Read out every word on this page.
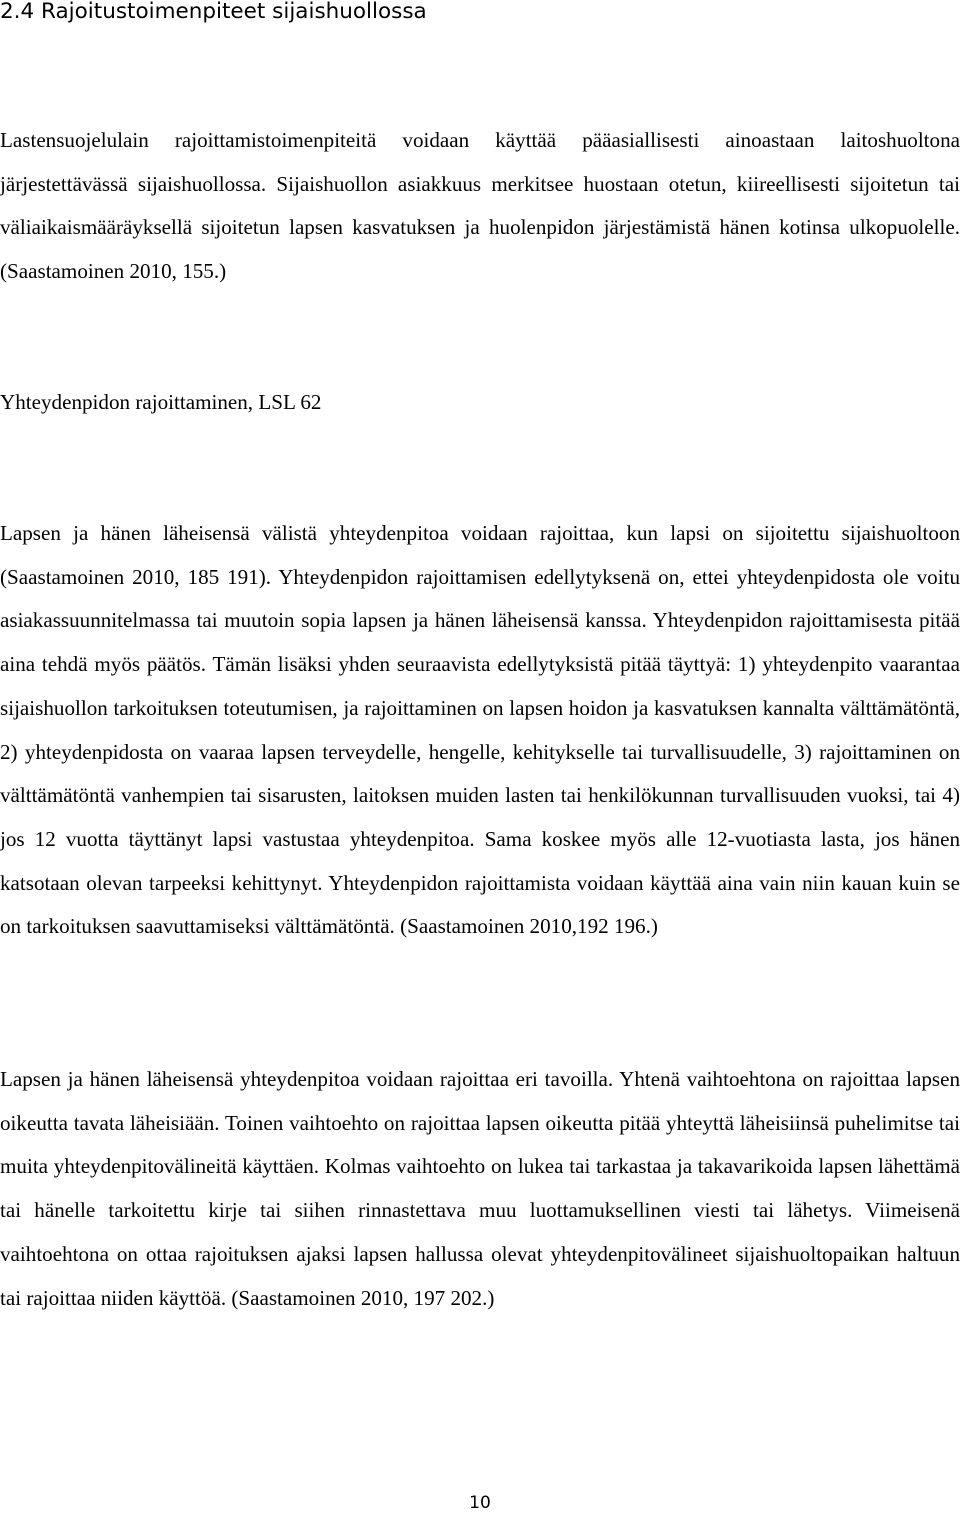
2.4 Rajoitustoimenpiteet sijaishuollossa

Lastensuojelulain rajoittamistoimenpiteitä voidaan käyttää pääasiallisesti ainoastaan laitoshuoltona järjestettävässä sijaishuollossa. Sijaishuollon asiakkuus merkitsee huostaan otetun, kiireellisesti sijoitetun tai väliaikaismääräyksellä sijoitetun lapsen kasvatuksen ja huolenpidon järjestämistä hänen kotinsa ulkopuolelle. (Saastamoinen 2010, 155.)

Yhteydenpidon rajoittaminen, LSL 62

Lapsen ja hänen läheisensä välistä yhteydenpitoa voidaan rajoittaa, kun lapsi on sijoitettu sijaishuoltoon (Saastamoinen 2010, 185 191). Yhteydenpidon rajoittamisen edellytyksenä on, ettei yhteydenpidosta ole voitu asiakassuunnitelmassa tai muutoin sopia lapsen ja hänen läheisensä kanssa. Yhteydenpidon rajoittamisesta pitää aina tehdä myös päätös. Tämän lisäksi yhden seuraavista edellytyksistä pitää täyttyä: 1) yhteydenpito vaarantaa sijaishuollon tarkoituksen toteutumisen, ja rajoittaminen on lapsen hoidon ja kasvatuksen kannalta välttämätöntä, 2) yhteydenpidosta on vaaraa lapsen terveydelle, hengelle, kehitykselle tai turvallisuudelle, 3) rajoittaminen on välttämätöntä vanhempien tai sisarusten, laitoksen muiden lasten tai henkilökunnan turvallisuuden vuoksi, tai 4) jos 12 vuotta täyttänyt lapsi vastustaa yhteydenpitoa. Sama koskee myös alle 12-vuotiasta lasta, jos hänen katsotaan olevan tarpeeksi kehittynyt. Yhteydenpidon rajoittamista voidaan käyttää aina vain niin kauan kuin se on tarkoituksen saavuttamiseksi välttämätöntä. (Saastamoinen 2010,192 196.)

Lapsen ja hänen läheisensä yhteydenpitoa voidaan rajoittaa eri tavoilla. Yhtenä vaihtoehtona on rajoittaa lapsen oikeutta tavata läheisiään. Toinen vaihtoehto on rajoittaa lapsen oikeutta pitää yhteyttä läheisiinsä puhelimitse tai muita yhteydenpitovälineitä käyttäen. Kolmas vaihtoehto on lukea tai tarkastaa ja takavarikoida lapsen lähettämä tai hänelle tarkoitettu kirje tai siihen rinnastettava muu luottamuksellinen viesti tai lähetys. Viimeisenä vaihtoehtona on ottaa rajoituksen ajaksi lapsen hallussa olevat yhteydenpitovälineet sijaishuoltopaikan haltuun tai rajoittaa niiden käyttöä. (Saastamoinen 2010, 197 202.)

10
